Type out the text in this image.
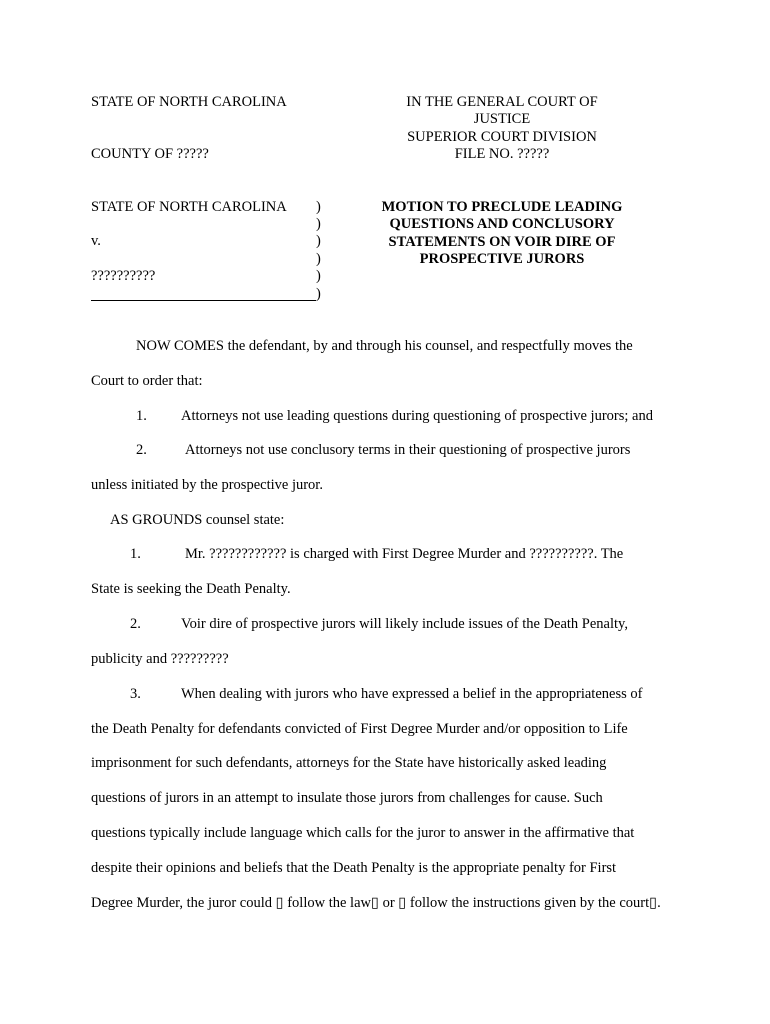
STATE OF NORTH CAROLINA
COUNTY OF ?????
IN THE GENERAL COURT OF
JUSTICE
SUPERIOR COURT DIVISION
FILE NO. ?????
STATE OF NORTH CAROLINA
v.
??????????
)
)
)
)
)
)
MOTION TO PRECLUDE LEADING
QUESTIONS AND CONCLUSORY
STATEMENTS ON VOIR DIRE OF
PROSPECTIVE JURORS
NOW COMES the defendant, by and through his counsel, and respectfully moves the
Court to order that:
1. Attorneys not use leading questions during questioning of prospective jurors; and
2.	Attorneys not use conclusory terms in their questioning of prospective jurors
unless initiated by the prospective juror.
AS GROUNDS counsel state:
1.	Mr. ???????????? is charged with First Degree Murder and ??????????. The
State is seeking the Death Penalty.
2.	Voir dire of prospective jurors will likely include issues of the Death Penalty,
publicity and ?????????
3.	When dealing with jurors who have expressed a belief in the appropriateness of
the Death Penalty for defendants convicted of First Degree Murder and/or opposition to Life
imprisonment for such defendants, attorneys for the State have historically asked leading
questions of jurors in an attempt to insulate those jurors from challenges for cause. Such
questions typically include language which calls for the juror to answer in the affirmative that
despite their opinions and beliefs that the Death Penalty is the appropriate penalty for First
Degree Murder, the juror could ▯ follow the law▯ or ▯ follow the instructions given by the court▯.
